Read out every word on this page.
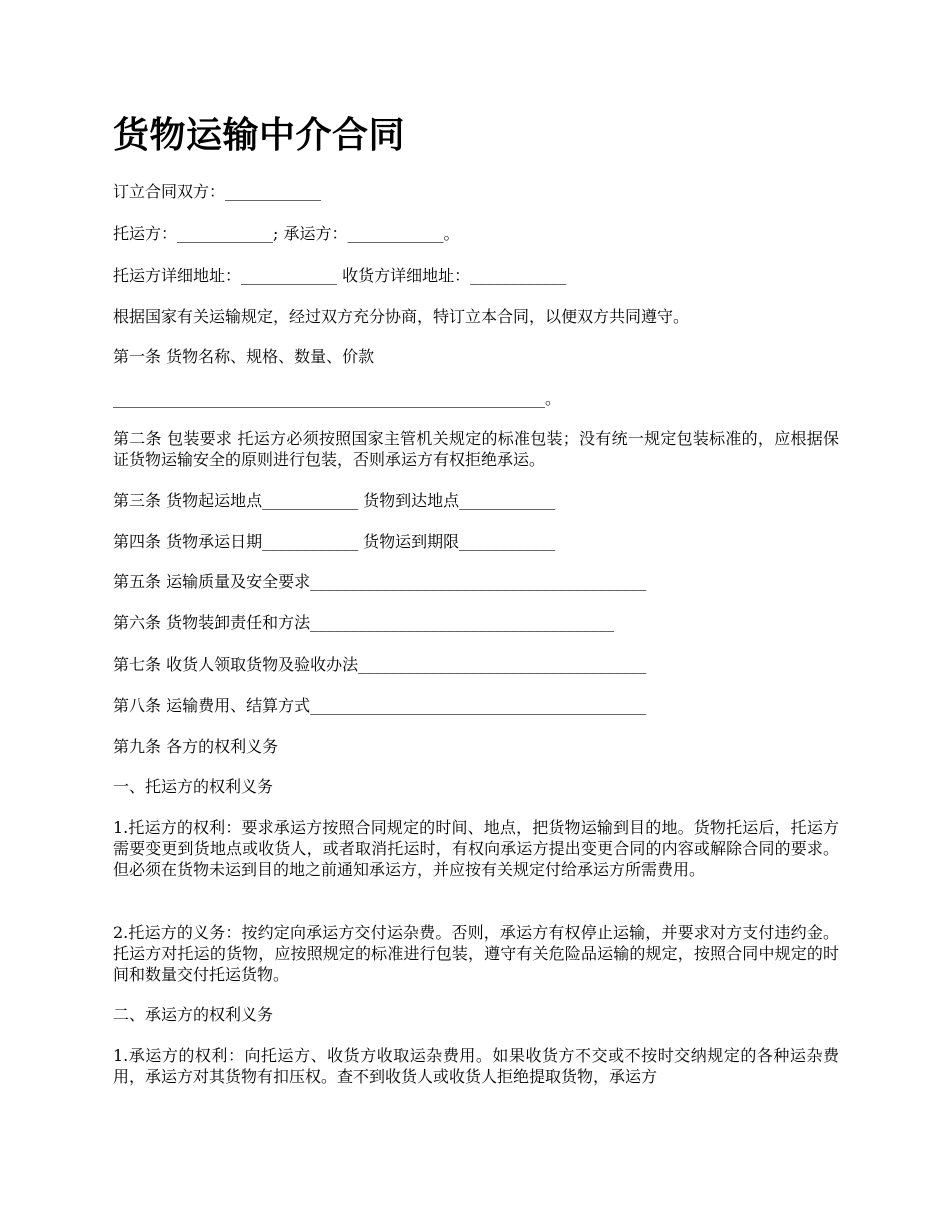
货物运输中介合同

订立合同双方：____________

托运方：____________; 承运方：____________。

托运方详细地址：____________ 收货方详细地址：____________

根据国家有关运输规定，经过双方充分协商，特订立本合同，以便双方共同遵守。

第一条 货物名称、规格、数量、价款

______________________________________________________。

第二条 包装要求 托运方必须按照国家主管机关规定的标准包装；没有统一规定包装标准的，应根据保证货物运输安全的原则进行包装，否则承运方有权拒绝承运。

第三条 货物起运地点____________ 货物到达地点____________

第四条 货物承运日期____________ 货物运到期限____________

第五条 运输质量及安全要求__________________________________________

第六条 货物装卸责任和方法______________________________________

第七条 收货人领取货物及验收办法____________________________________

第八条 运输费用、结算方式__________________________________________

第九条 各方的权利义务

一、托运方的权利义务

1.托运方的权利：要求承运方按照合同规定的时间、地点，把货物运输到目的地。货物托运后，托运方需要变更到货地点或收货人，或者取消托运时，有权向承运方提出变更合同的内容或解除合同的要求。但必须在货物未运到目的地之前通知承运方，并应按有关规定付给承运方所需费用。

2.托运方的义务：按约定向承运方交付运杂费。否则，承运方有权停止运输，并要求对方支付违约金。托运方对托运的货物，应按照规定的标准进行包装，遵守有关危险品运输的规定，按照合同中规定的时间和数量交付托运货物。

二、承运方的权利义务

1.承运方的权利：向托运方、收货方收取运杂费用。如果收货方不交或不按时交纳规定的各种运杂费用，承运方对其货物有扣压权。查不到收货人或收货人拒绝提取货物，承运方
